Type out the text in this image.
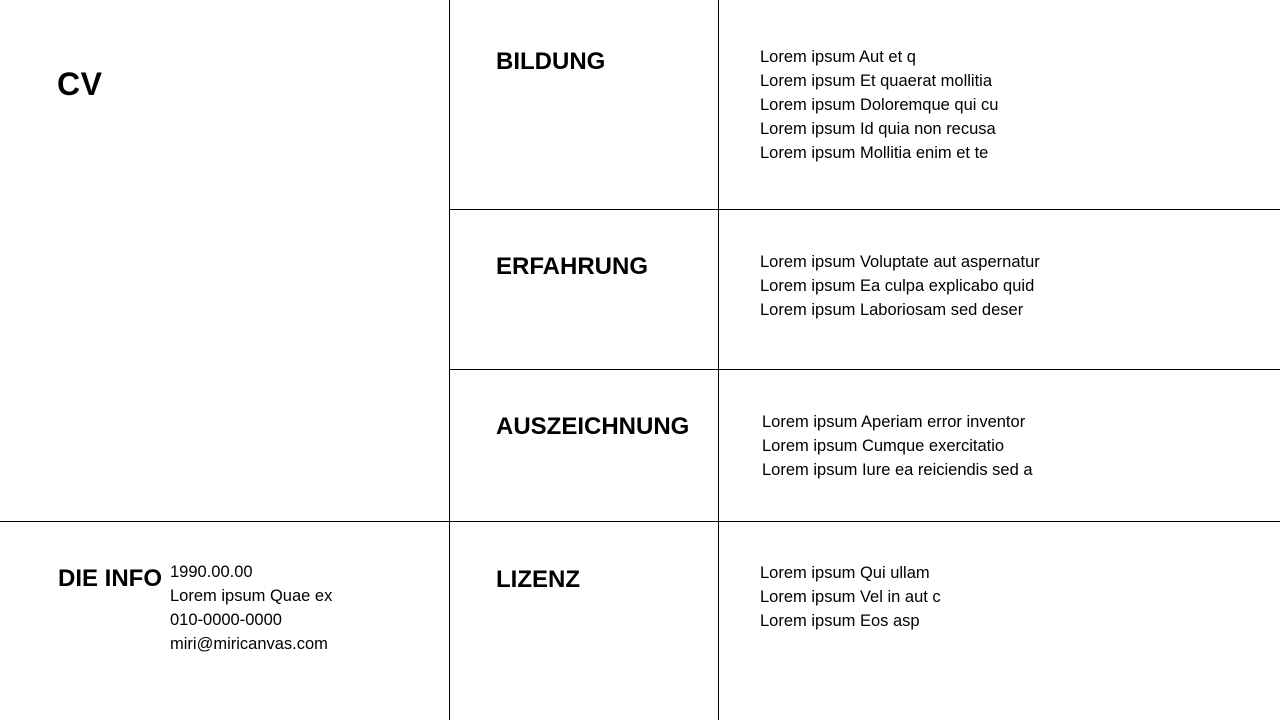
CV
BILDUNG	Lorem ipsum Aut et q
Lorem ipsum Et quaerat mollitia
Lorem ipsum Doloremque qui cu
Lorem ipsum Id quia non recusa
Lorem ipsum Mollitia enim et te
ERFAHRUNG	Lorem ipsum Voluptate aut aspernatur
Lorem ipsum Ea culpa explicabo quid
Lorem ipsum Laboriosam sed deser
AUSZEICHNUNG	Lorem ipsum Aperiam error inventor
Lorem ipsum Cumque exercitatio
Lorem ipsum Iure ea reiciendis sed a
LIZENZ	Lorem ipsum Qui ullam
Lorem ipsum Vel in aut c
Lorem ipsum Eos asp
DIE INFO 1990.00.00
Lorem ipsum Quae ex
010-0000-0000
miri@miricanvas.com
